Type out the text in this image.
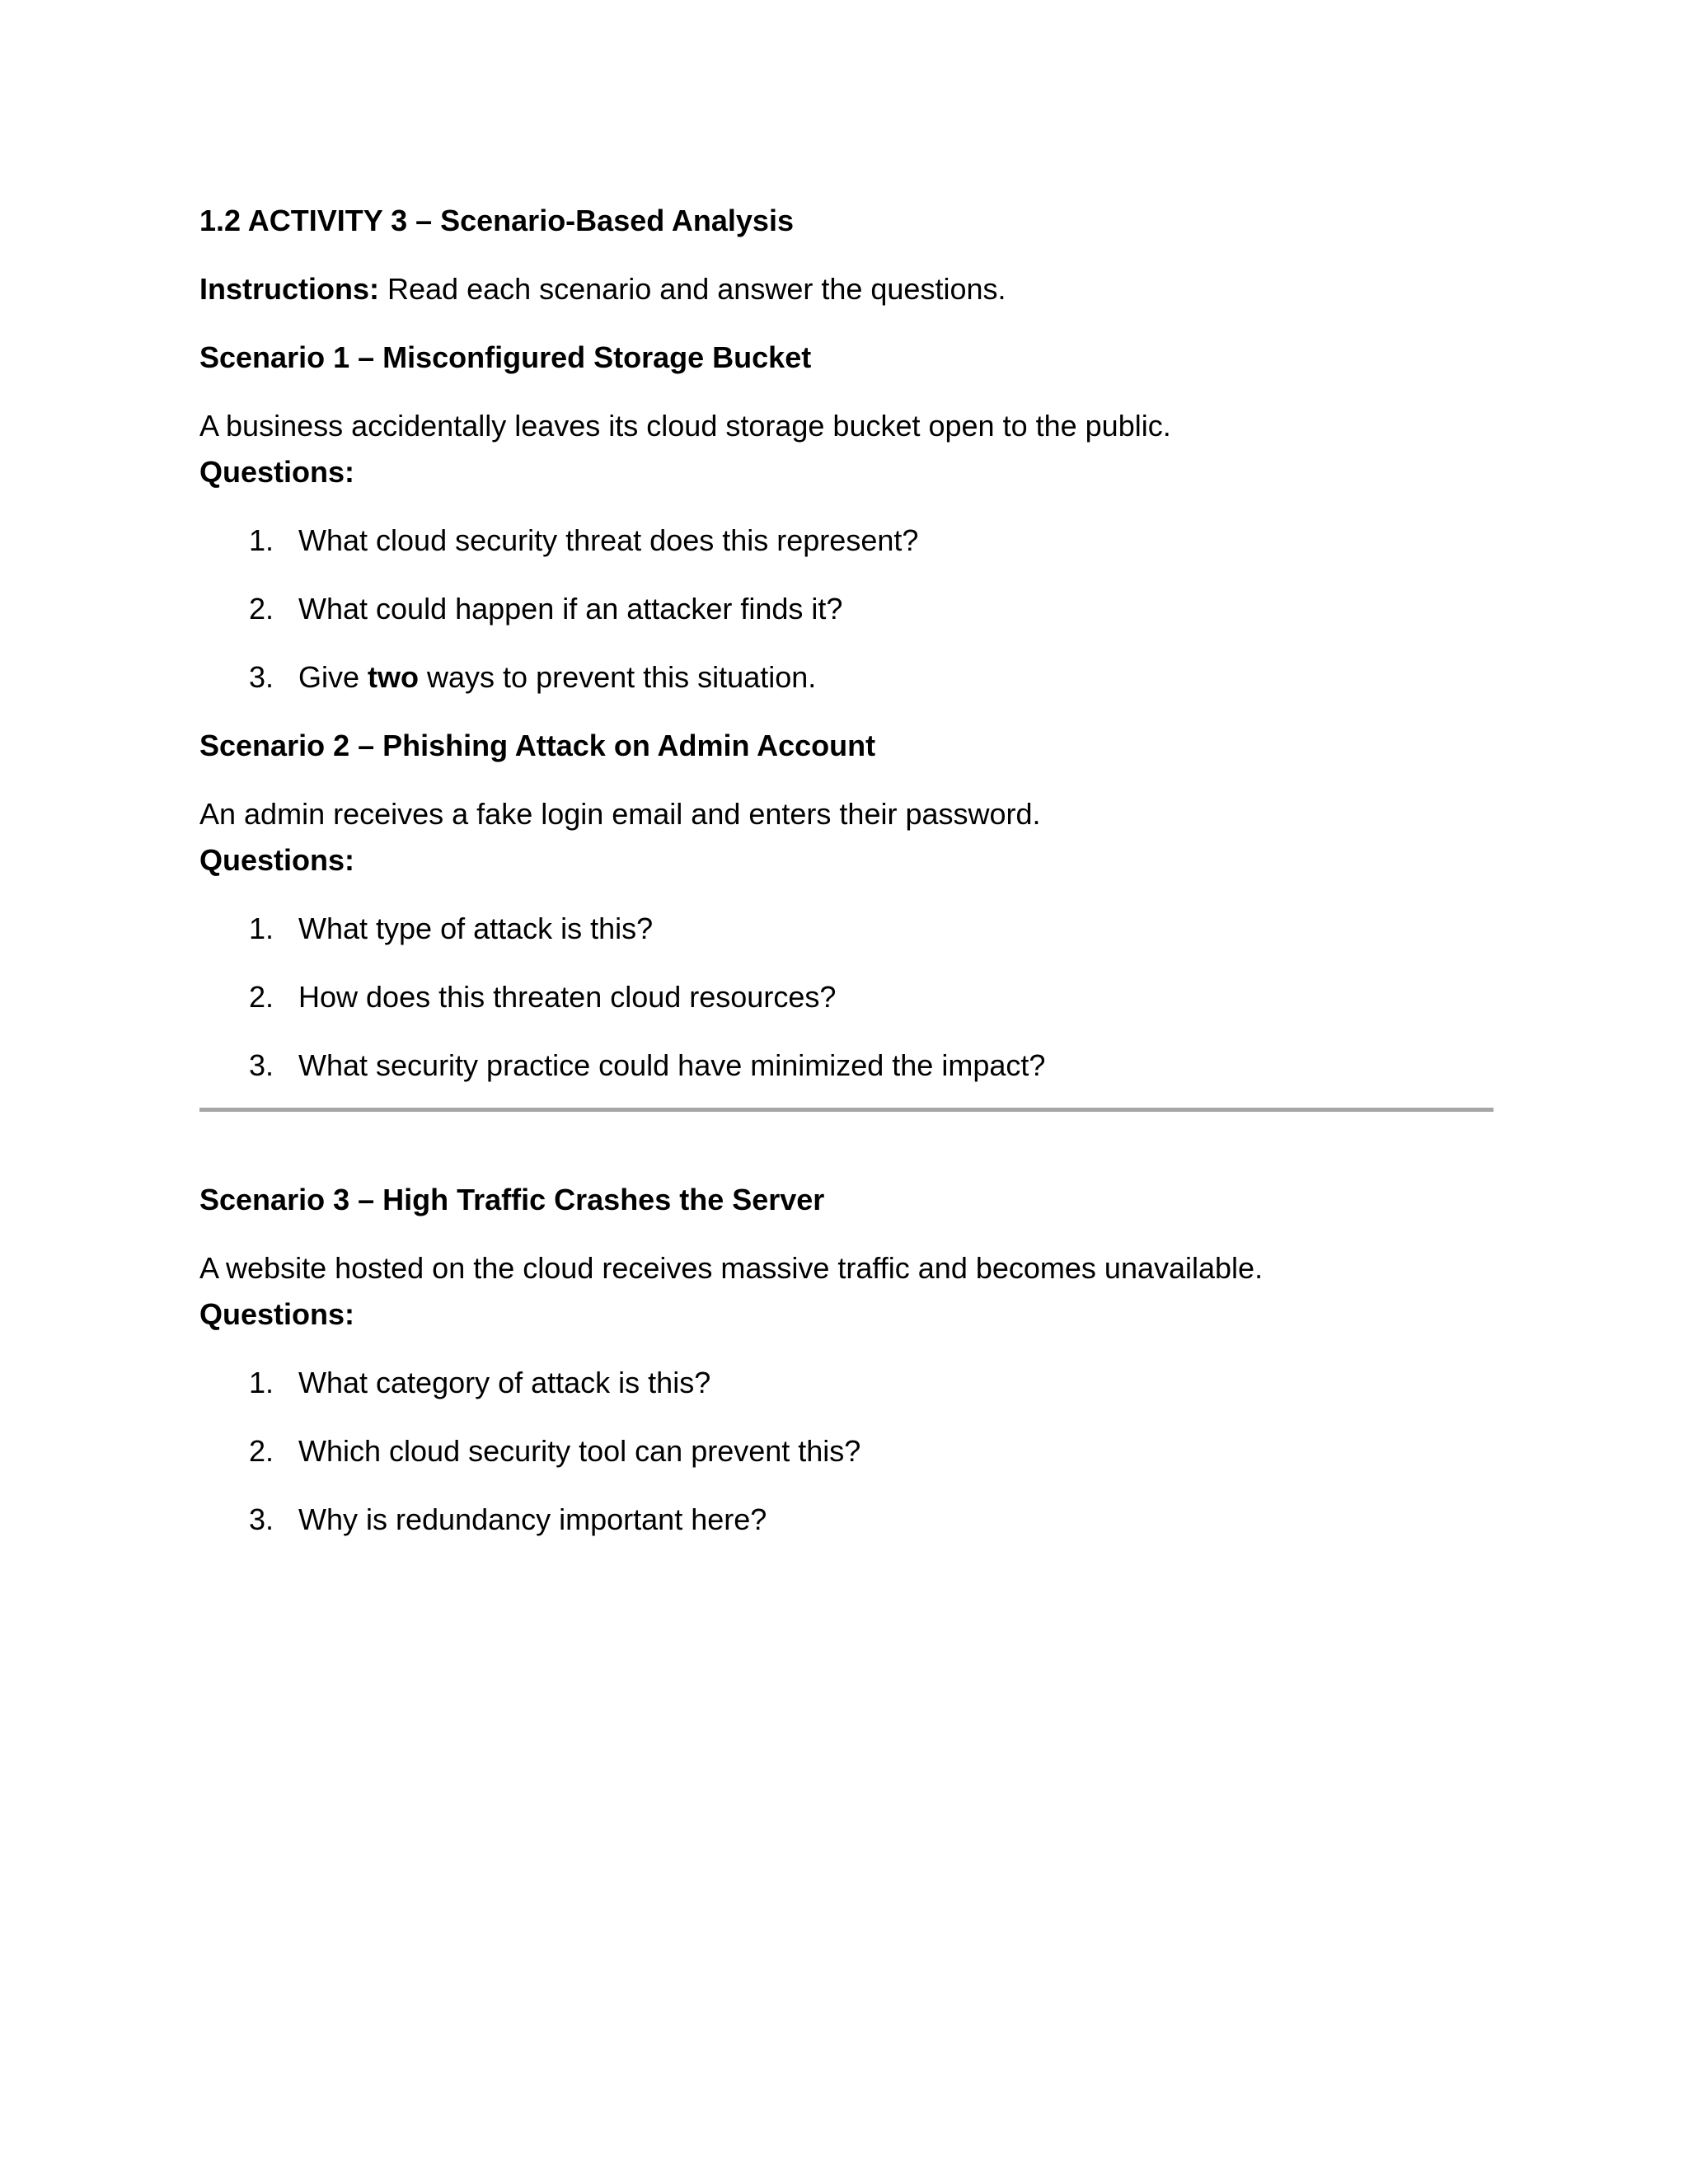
1.2 ACTIVITY 3 – Scenario-Based Analysis

Instructions: Read each scenario and answer the questions.

Scenario 1 – Misconfigured Storage Bucket

A business accidentally leaves its cloud storage bucket open to the public.

Questions:

1. What cloud security threat does this represent?
2. What could happen if an attacker finds it?
3. Give two ways to prevent this situation.

Scenario 2 – Phishing Attack on Admin Account

An admin receives a fake login email and enters their password.

Questions:

1. What type of attack is this?
2. How does this threaten cloud resources?
3. What security practice could have minimized the impact?

Scenario 3 – High Traffic Crashes the Server

A website hosted on the cloud receives massive traffic and becomes unavailable.

Questions:

1. What category of attack is this?
2. Which cloud security tool can prevent this?
3. Why is redundancy important here?
